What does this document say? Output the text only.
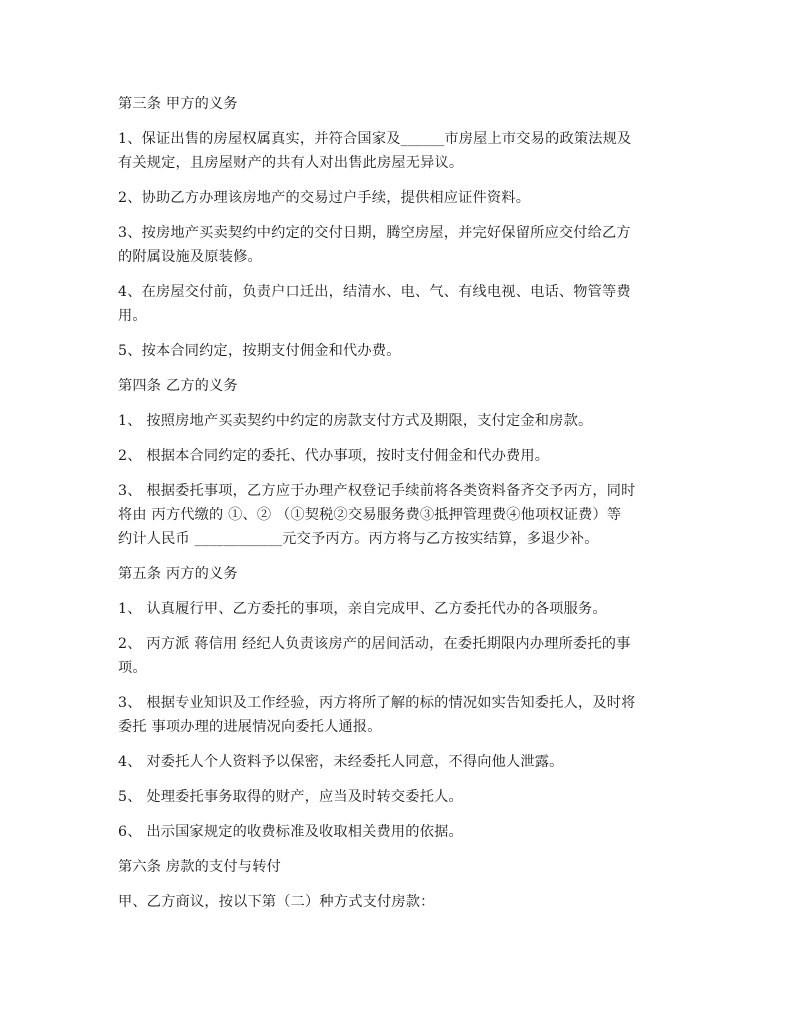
第三条 甲方的义务
1、保证出售的房屋权属真实，并符合国家及______市房屋上市交易的政策法规及
有关规定，且房屋财产的共有人对出售此房屋无异议。
2、协助乙方办理该房地产的交易过户手续，提供相应证件资料。
3、按房地产买卖契约中约定的交付日期，腾空房屋，并完好保留所应交付给乙方
的附属设施及原装修。
4、在房屋交付前，负责户口迁出，结清水、电、气、有线电视、电话、物管等费
用。
5、按本合同约定，按期支付佣金和代办费。
第四条 乙方的义务
1、 按照房地产买卖契约中约定的房款支付方式及期限，支付定金和房款。
2、 根据本合同约定的委托、代办事项，按时支付佣金和代办费用。
3、 根据委托事项，乙方应于办理产权登记手续前将各类资料备齐交予丙方，同时
将由 丙方代缴的 ①、② （①契税②交易服务费③抵押管理费④他项权证费）等
约计人民币 ____________元交予丙方。丙方将与乙方按实结算，多退少补。
第五条 丙方的义务
1、 认真履行甲、乙方委托的事项，亲自完成甲、乙方委托代办的各项服务。
2、 丙方派 蒋信用 经纪人负责该房产的居间活动，在委托期限内办理所委托的事
项。
3、 根据专业知识及工作经验，丙方将所了解的标的情况如实告知委托人，及时将
委托 事项办理的进展情况向委托人通报。
4、 对委托人个人资料予以保密，未经委托人同意，不得向他人泄露。
5、 处理委托事务取得的财产，应当及时转交委托人。
6、 出示国家规定的收费标准及收取相关费用的依据。
第六条 房款的支付与转付
甲、乙方商议，按以下第（二）种方式支付房款：
